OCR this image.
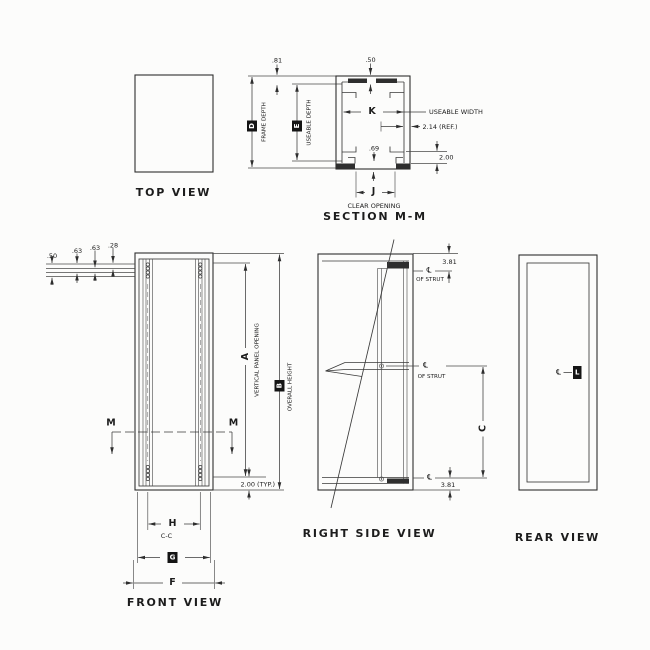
TOP VIEW
D FRAME DEPTH	E USEABLE DEPTH
.81	.50
K	USEABLE WIDTH
2.14 (REF.)
.69
2.00
J
CLEAR OPENING
SECTION M-M
.50
.63 .63 .28
A VERTICAL PANEL OPENING B OVERALL HEIGHT
M	M
2.00 (TYP.)
H
C-C
G
F
FRONT VIEW
℄
OF STRUT
3.81
℄
OF STRUT
C
℄
3.81
RIGHT SIDE VIEW
℄ L
REAR VIEW
